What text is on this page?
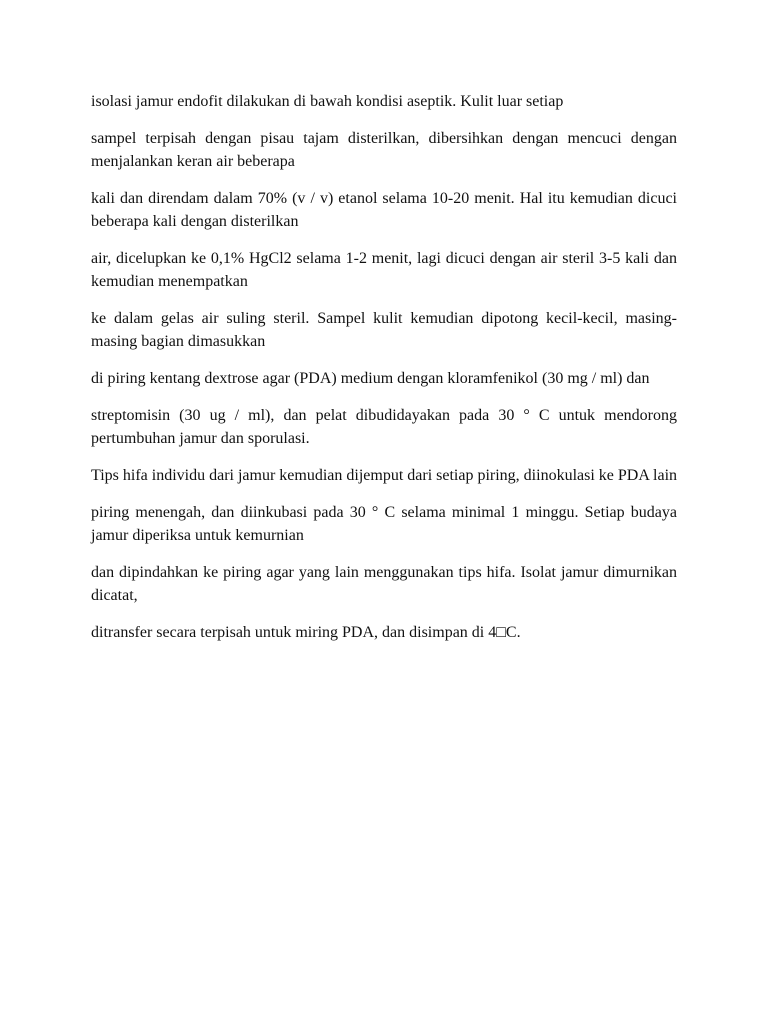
isolasi jamur endofit dilakukan di bawah kondisi aseptik. Kulit luar setiap

sampel terpisah dengan pisau tajam disterilkan, dibersihkan dengan mencuci dengan menjalankan keran air beberapa

kali dan direndam dalam 70% (v / v) etanol selama 10-20 menit. Hal itu kemudian dicuci beberapa kali dengan disterilkan

air, dicelupkan ke 0,1% HgCl2 selama 1-2 menit, lagi dicuci dengan air steril 3-5 kali dan kemudian menempatkan

ke dalam gelas air suling steril. Sampel kulit kemudian dipotong kecil-kecil, masing-masing bagian dimasukkan

di piring kentang dextrose agar (PDA) medium dengan kloramfenikol (30 mg / ml) dan

streptomisin (30 ug / ml), dan pelat dibudidayakan pada 30 ° C untuk mendorong pertumbuhan jamur dan sporulasi.

Tips hifa individu dari jamur kemudian dijemput dari setiap piring, diinokulasi ke PDA lain

piring menengah, dan diinkubasi pada 30 ° C selama minimal 1 minggu. Setiap budaya jamur diperiksa untuk kemurnian

dan dipindahkan ke piring agar yang lain menggunakan tips hifa. Isolat jamur dimurnikan dicatat,

ditransfer secara terpisah untuk miring PDA, dan disimpan di 4□C.
